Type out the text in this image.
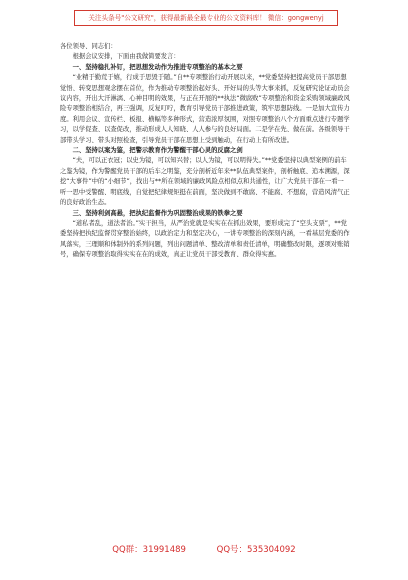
关注头条号"公文研究"，获得最新最全最专业的公文资料库！ 微信：gongwenyj

各位领导、同志们：

根据会议安排，下面由我做简要发言：

一、坚持稳扎补钉，把思想发动作为推进专项整治的基本之要

“业精于勤荒于嬉，行成于思毁于随。”自**专项整治行动开展以来，**党委坚持把提高党员干部思想觉悟、转变思想观念摆在首位，作为推动专项整治起好头、开好局的头等大事来抓，反复研究论证动员会议内容，开出大汗淋漓、心神目明的效果，与正在开展的**执法“微腐败”专项整治和资金采购领域廉政风险专项整治相结合，再三强调，反复叮咛，教育引导党员干部推进政策，筑牢思想防线。一是加大宣传力度。利用会议、宣传栏、板报、横幅等多种形式，营造浓厚氛围，对照专项整治八个方面重点进行专题学习，以学促查、以查促改，推动形成人人知晓、人人参与的良好局面。二是学在先、做在前。各级领导干部带头学习、带头对照检查，引导党员干部在思想上受到触动，在行动上有所改进。

二、坚持以案为鉴，把警示教育作为警醒干部心灵的反腐之剑

“夫，可以正衣冠；以史为镜，可以知兴替；以人为镜，可以明得失。”**党委坚持以典型案例的前车之鉴为镜，作为警醒党员干部的后车之明鉴，充分剖析近年来**队伍典型案件，剖析触底、追本溯源，深挖“大事件”中的“小细节”，找出与**所在领域的廉政风险点相似点和共通性，让广大党员干部在一看一听一思中受警醒、明底线，自觉把纪律规矩挺在前面，坚决做到不敢腐、不能腐、不想腐，营造风清气正的良好政治生态。

三、坚持利剑高悬，把执纪监督作为巩固整治成果的铁拳之要

“道私者乱，道法者治。”实干担当，从严治党就是实实在在抓出效果，要形成完了“空头支票”，**党委坚持把执纪监督贯穿整治始终，以政治定力和坚定决心，一讲专项整治的深刻内涵，一看基层党委的作风落实，三理顺和体制外的系列问题，列出问题清单、整改清单和责任清单，明确整改时限，逐项对账销号，确保专项整治取得实实在在的成效，真正让党员干部受教育、群众得实惠。

QQ群：31991489	QQ号：535304092
